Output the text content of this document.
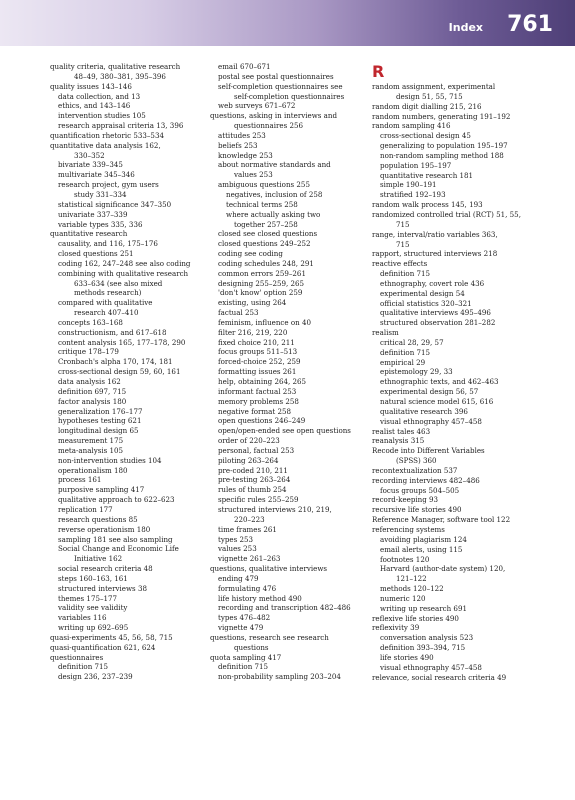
Index 761
quality criteria, qualitative research
48–49, 380–381, 395–396
quality issues 143–146
data collection, and 13
ethics, and 143–146
intervention studies 105
research appraisal criteria 13, 396
quantification rhetoric 533–534
quantitative data analysis 162,
330–352
bivariate 339–345
multivariate 345–346
research project, gym users
study 331–334
statistical significance 347–350
univariate 337–339
variable types 335, 336
quantitative research
causality, and 116, 175–176
closed questions 251
coding 162, 247–248 see also coding
combining with qualitative research
633–634 (see also mixed
methods research)
compared with qualitative
research 407–410
concepts 163–168
constructionism, and 617–618
content analysis 165, 177–178, 290
critique 178–179
Cronbach's alpha 170, 174, 181
cross-sectional design 59, 60, 161
data analysis 162
definition 697, 715
factor analysis 180
generalization 176–177
hypotheses testing 621
longitudinal design 65
measurement 175
meta-analysis 105
non-intervention studies 104
operationalism 180
process 161
purposive sampling 417
qualitative approach to 622–623
replication 177
research questions 85
reverse operationism 180
sampling 181 see also sampling
Social Change and Economic Life
Initiative 162
social research criteria 48
steps 160–163, 161
structured interviews 38
themes 175–177
validity see validity
variables 116
writing up 692–695
quasi-experiments 45, 56, 58, 715
quasi-quantification 621, 624
questionnaires
definition 715
design 236, 237–239
email 670–671
postal see postal questionnaires
self-completion questionnaires see
self-completion questionnaires
web surveys 671–672
questions, asking in interviews and
questionnaires 256
attitudes 253
beliefs 253
knowledge 253
about normative standards and
values 253
ambiguous questions 255
negatives, inclusion of 258
technical terms 258
where actually asking two
together 257–258
closed see closed questions
closed questions 249–252
coding see coding
coding schedules 248, 291
common errors 259–261
designing 255–259, 265
'don't know' option 259
existing, using 264
factual 253
feminism, influence on 40
filter 216, 219, 220
fixed choice 210, 211
focus groups 511–513
forced-choice 252, 259
formatting issues 261
help, obtaining 264, 265
informant factual 253
memory problems 258
negative format 258
open questions 246–249
open/open-ended see open questions
order of 220–223
personal, factual 253
piloting 263–264
pre-coded 210, 211
pre-testing 263–264
rules of thumb 254
specific rules 255–259
structured interviews 210, 219,
220–223
time frames 261
types 253
values 253
vignette 261–263
questions, qualitative interviews
ending 479
formulating 476
life history method 490
recording and transcription 482–486
types 476–482
vignette 479
questions, research see research
questions
quota sampling 417
definition 715
non-probability sampling 203–204
R
random assignment, experimental
design 51, 55, 715
random digit dialling 215, 216
random numbers, generating 191–192
random sampling 416
cross-sectional design 45
generalizing to population 195–197
non-random sampling method 188
population 195–197
quantitative research 181
simple 190–191
stratified 192–193
random walk process 145, 193
randomized controlled trial (RCT) 51, 55,
715
range, interval/ratio variables 363,
715
rapport, structured interviews 218
reactive effects
definition 715
ethnography, covert role 436
experimental design 54
official statistics 320–321
qualitative interviews 495–496
structured observation 281–282
realism
critical 28, 29, 57
definition 715
empirical 29
epistemology 29, 33
ethnographic texts, and 462–463
experimental design 56, 57
natural science model 615, 616
qualitative research 396
visual ethnography 457–458
realist tales 463
reanalysis 315
Recode into Different Variables
(SPSS) 360
recontextualization 537
recording interviews 482–486
focus groups 504–505
record-keeping 93
recursive life stories 490
Reference Manager, software tool 122
referencing systems
avoiding plagiarism 124
email alerts, using 115
footnotes 120
Harvard (author-date system) 120,
121–122
methods 120–122
numeric 120
writing up research 691
reflexive life stories 490
reflexivity 39
conversation analysis 523
definition 393–394, 715
life stories 490
visual ethnography 457–458
relevance, social research criteria 49
